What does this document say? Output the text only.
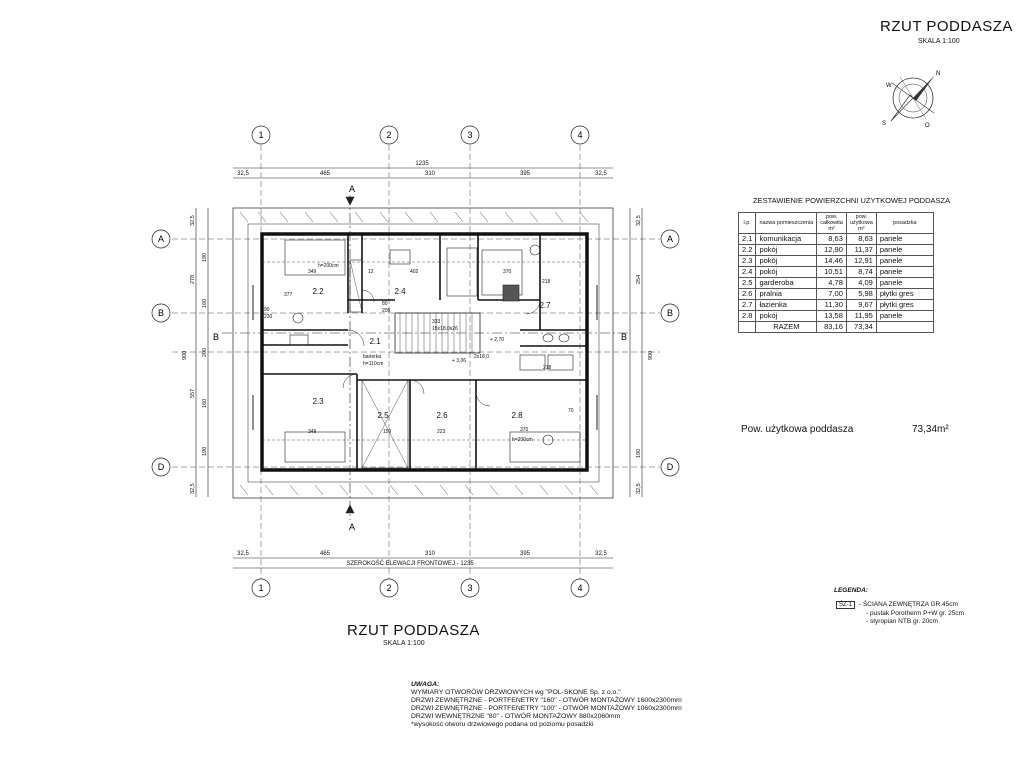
RZUT PODDASZA
SKALA 1:100
N
O
W
S
1	2	3	4
1	2	3	4
A
B
D
A
B
D
A
A
B	B
1235
32,5	465	310	395	32,5
32,5	465	310	395	32,5
SZEROKOŚĆ ELEWACJI FRONTOWEJ - 1235
32,5
278
190
900
160
200
557
160
190
32,5
32,5
254
900
190
32,5
2.1
2.2
2.3
2.4
2.5	2.6
2.7
2.8
barierka
h=110cm
15x18,0x26
333
+ 3,06
+ 2,70
2x18,0
h=200cm
h=200cm
349
349
402	370
370
377
223
159
218
218
12
80
205
230
90
70
ZESTAWIENIE POWIERZCHNI UŻYTKOWEJ PODDASZA
l.p.	nazwa pomieszczenia	pow. całkowita m²	pow. użytkowa m²	posadzka
2.1	komunikacja	8,63	8,63	panele
2.2	pokój	12,90	11,37	panele
2.3	pokój	14,46	12,91	panele
2.4	pokój	10,51	8,74	panele
2.5	garderoba	4,78	4,09	panele
2.6	pralnia	7,00	5,98	płytki gres
2.7	łazienka	11,30	9,67	płytki gres
2.8	pokój	13,58	11,95	panele
	RAZEM	83,16	73,34	
Pow. użytkowa poddasza	73,34m²
LEGENDA:
ŚZ-1	- ŚCIANA ZEWNĘTRZA GR.45cm
- pustak Porotherm P+W gr. 25cm
- styropian NTB gr. 20cm
RZUT PODDASZA
SKALA 1:100
UWAGA:
WYMIARY OTWORÓW DRZWIOWYCH wg "POL-SKONE Sp. z o.o."
DRZWI ZEWNĘTRZNE - PORTFENETRY "160" - OTWÓR MONTAŻOWY 1600x2300mm
DRZWI ZEWNĘTRZNE - PORTFENETRY "100" - OTWÓR MONTAŻOWY 1060x2300mm
DRZWI WEWNĘTRZNE "80" - OTWÓR MONTAŻOWY 880x2060mm
*wysokość otworu drzwiowego podana od poziomu posadzki
